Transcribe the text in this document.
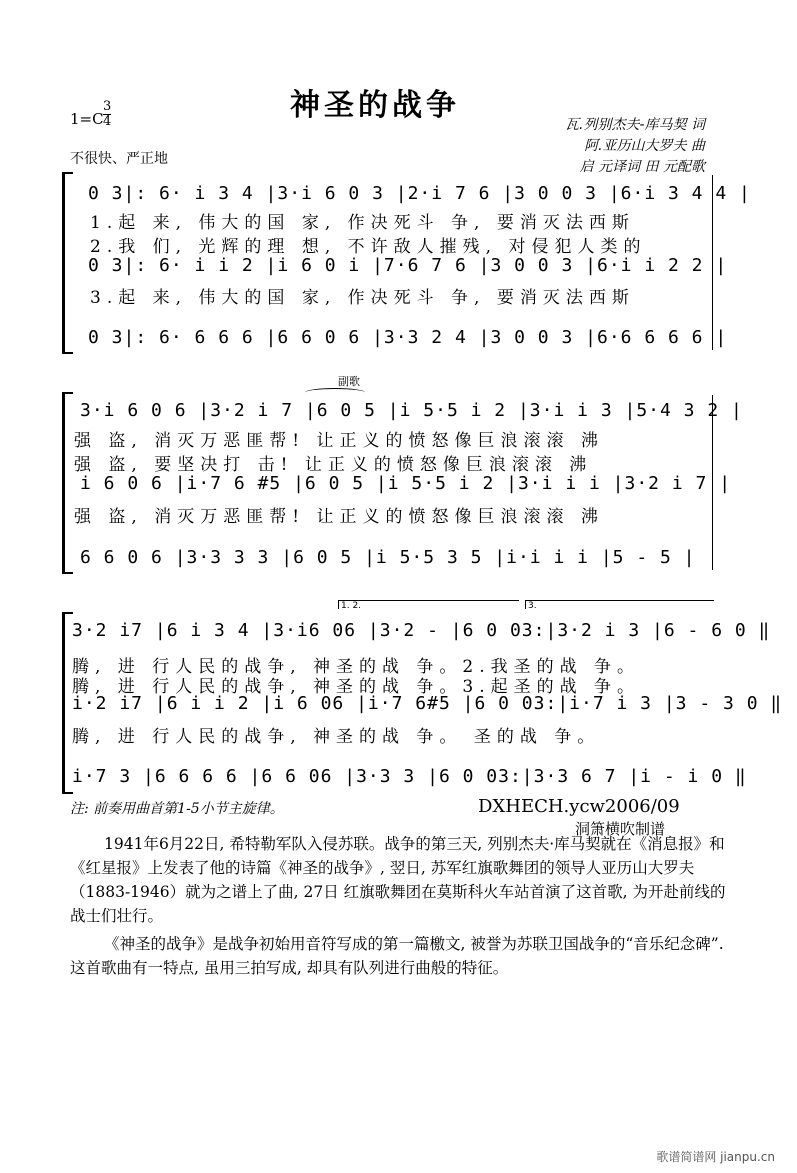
1=C
3
4	神圣的战争
不很快、严正地
瓦.列别杰夫-库马契 词
阿.亚历山大罗夫 曲
启 元译词 田 元配歌
0 3|: 6· i 3 4 |3·i 6 0 3 |2·i 7 6 |3 0 0 3 |6·i 3 4 4 |
1.起 来, 伟大的国 家, 作决死斗 争, 要消灭法西斯
2.我 们, 光辉的理 想, 不许敌人摧残, 对侵犯人类的
0 3|: 6· i i 2 |i 6 0 i |7·6 7 6 |3 0 0 3 |6·i i 2 2 |
3.起 来, 伟大的国 家, 作决死斗 争, 要消灭法西斯
0 3|: 6· 6 6 6 |6 6 0 6 |3·3 2 4 |3 0 0 3 |6·6 6 6 6 |
副歌
3·i 6 0 6 |3·2 i 7 |6 0 5 |i 5·5 i 2 |3·i i 3 |5·4 3 2 |
强 盗, 消灭万恶匪帮! 让正义的愤怒像巨浪滚滚 沸
强 盗, 要坚决打 击! 让正义的愤怒像巨浪滚滚 沸
i 6 0 6 |i·7 6 #5 |6 0 5 |i 5·5 i 2 |3·i i i |3·2 i 7 |
强 盗, 消灭万恶匪帮! 让正义的愤怒像巨浪滚滚 沸
6 6 0 6 |3·3 3 3 |6 0 5 |i 5·5 3 5 |i·i i i |5 - 5 |
1. 2.	3.
3·2 i7 |6 i 3 4 |3·i6 06 |3·2 - |6 0 03:|3·2 i 3 |6 - 6 0 ‖
腾, 进 行人民的战争, 神圣的战 争。2.我圣的战 争。
腾, 进 行人民的战争, 神圣的战 争。3.起圣的战 争。
i·2 i7 |6 i i 2 |i 6 06 |i·7 6#5 |6 0 03:|i·7 i 3 |3 - 3 0 ‖
腾, 进 行人民的战争, 神圣的战 争。 圣的战 争。
i·7 3 |6 6 6 6 |6 6 06 |3·3 3 |6 0 03:|3·3 6 7 |i - i 0 ‖
注: 前奏用曲首第1-5小节主旋律。	DXHECH.ycw2006/09
洞箫横吹制谱
1941年6月22日, 希特勒军队入侵苏联。战争的第三天, 列别杰夫·库马契就在《消息报》和《红星报》上发表了他的诗篇《神圣的战争》, 翌日, 苏军红旗歌舞团的领导人亚历山大罗夫（1883-1946）就为之谱上了曲, 27日 红旗歌舞团在莫斯科火车站首演了这首歌, 为开赴前线的战士们壮行。
《神圣的战争》是战争初始用音符写成的第一篇檄文, 被誉为苏联卫国战争的“音乐纪念碑”.这首歌曲有一特点, 虽用三拍写成, 却具有队列进行曲般的特征。
歌谱简谱网 jianpu.cn
